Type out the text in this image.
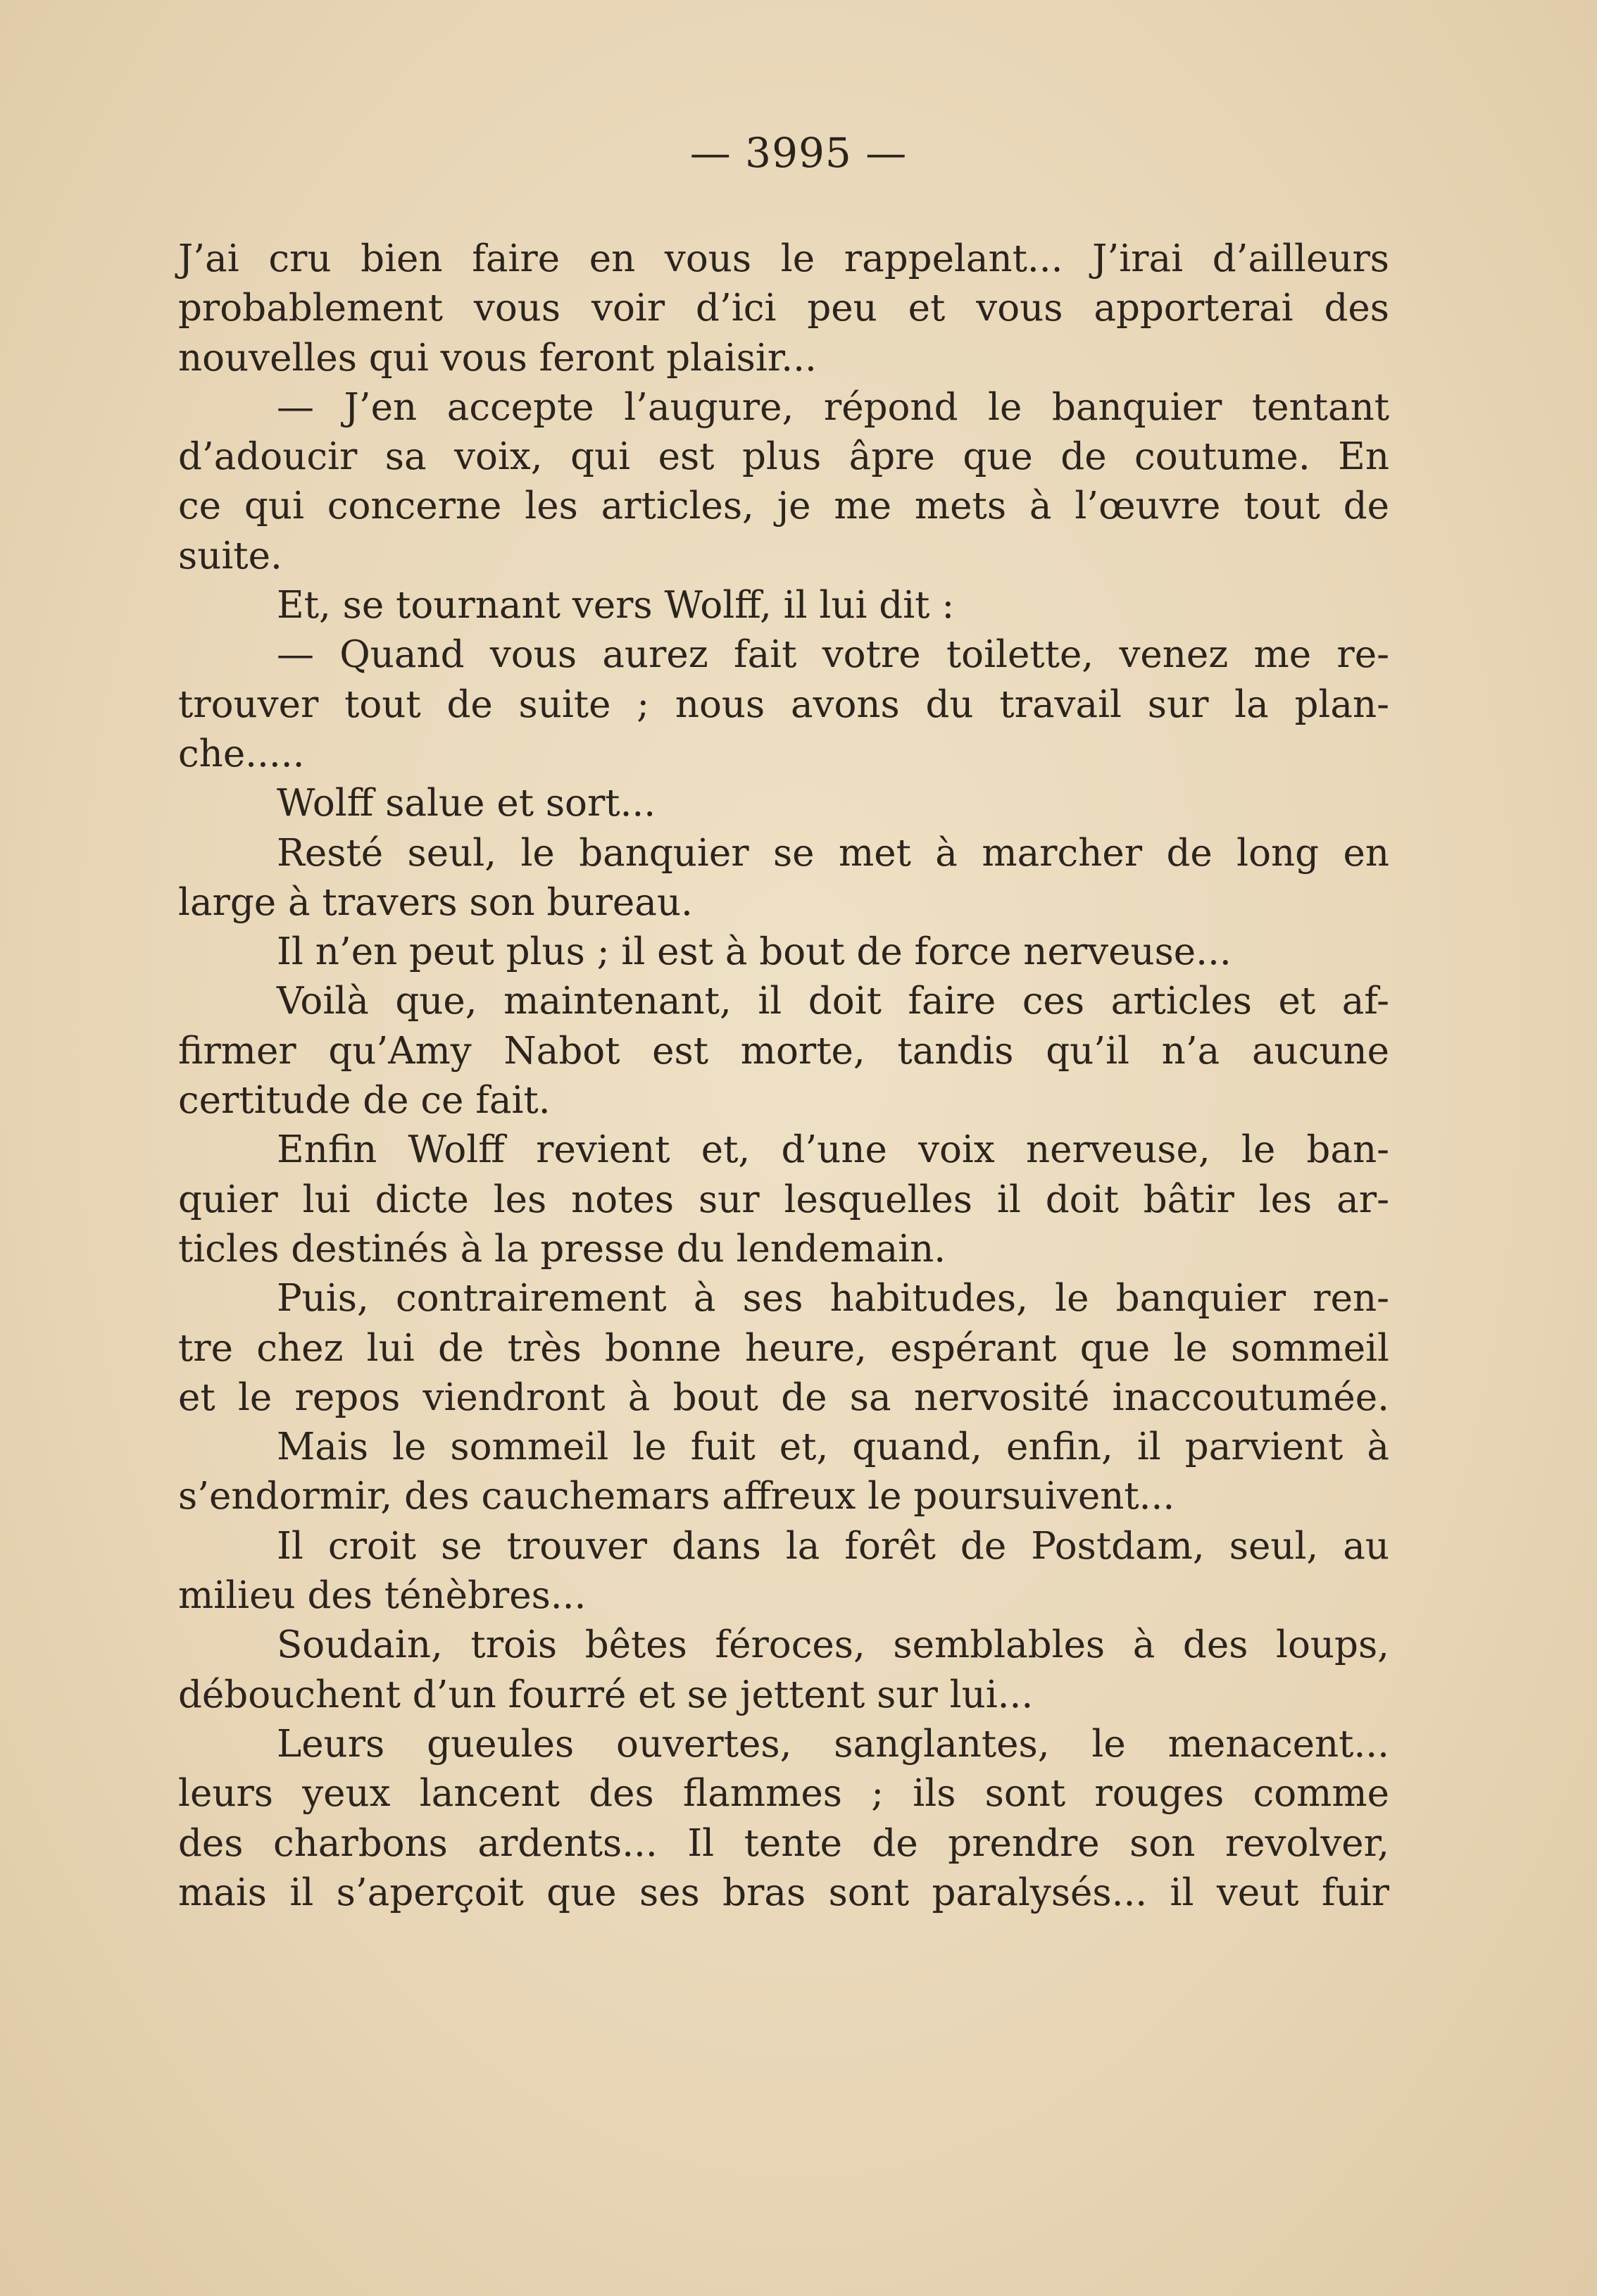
— 3995 —
J’ai cru bien faire en vous le rappelant... J’irai d’ailleurs
probablement vous voir d’ici peu et vous apporterai des
nouvelles qui vous feront plaisir...
— J’en accepte l’augure, répond le banquier tentant
d’adoucir sa voix, qui est plus âpre que de coutume. En
ce qui concerne les articles, je me mets à l’œuvre tout de
suite.
Et, se tournant vers Wolff, il lui dit :
— Quand vous aurez fait votre toilette, venez me re-
trouver tout de suite ; nous avons du travail sur la plan-
che.....
Wolff salue et sort...
Resté seul, le banquier se met à marcher de long en
large à travers son bureau.
Il n’en peut plus ; il est à bout de force nerveuse...
Voilà que, maintenant, il doit faire ces articles et af-
firmer qu’Amy Nabot est morte, tandis qu’il n’a aucune
certitude de ce fait.
Enfin Wolff revient et, d’une voix nerveuse, le ban-
quier lui dicte les notes sur lesquelles il doit bâtir les ar-
ticles destinés à la presse du lendemain.
Puis, contrairement à ses habitudes, le banquier ren-
tre chez lui de très bonne heure, espérant que le sommeil
et le repos viendront à bout de sa nervosité inaccoutumée.
Mais le sommeil le fuit et, quand, enfin, il parvient à
s’endormir, des cauchemars affreux le poursuivent...
Il croit se trouver dans la forêt de Postdam, seul, au
milieu des ténèbres...
Soudain, trois bêtes féroces, semblables à des loups,
débouchent d’un fourré et se jettent sur lui...
Leurs gueules ouvertes, sanglantes, le menacent...
leurs yeux lancent des flammes ; ils sont rouges comme
des charbons ardents... Il tente de prendre son revolver,
mais il s’aperçoit que ses bras sont paralysés... il veut fuir
